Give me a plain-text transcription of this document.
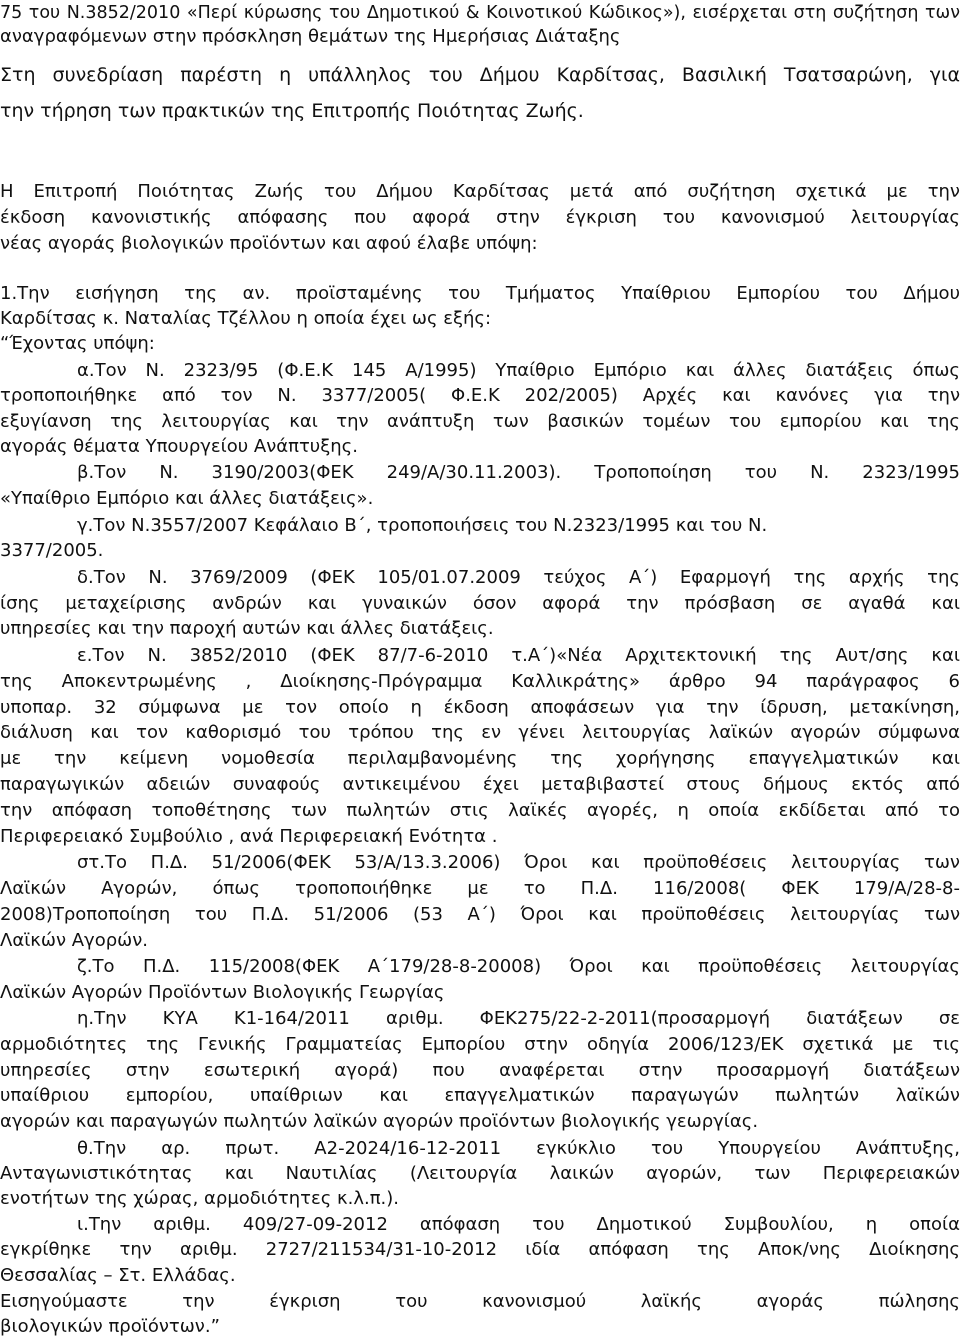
75 του Ν.3852/2010 «Περί κύρωσης του Δημοτικού & Κοινοτικού Κώδικος»), εισέρχεται στη συζήτηση των

αναγραφόμενων στην πρόσκληση θεμάτων της Ημερήσιας Διάταξης

Στη συνεδρίαση παρέστη η υπάλληλος του Δήμου Καρδίτσας, Βασιλική Τσατσαρώνη, για

την τήρηση των πρακτικών της Επιτροπής Ποιότητας Ζωής.

Η Επιτροπή Ποιότητας Ζωής του Δήμου Καρδίτσας μετά από συζήτηση σχετικά με την

έκδοση κανονιστικής απόφασης που αφορά στην έγκριση του κανονισμού λειτουργίας

νέας αγοράς βιολογικών προϊόντων και αφού έλαβε υπόψη:

1.Την εισήγηση της αν. προϊσταμένης του Τμήματος Υπαίθριου Εμπορίου του Δήμου

Καρδίτσας κ. Ναταλίας Τζέλλου η οποία έχει ως εξής:

“Έχοντας υπόψη:

α.Τον Ν. 2323/95 (Φ.Ε.Κ 145 Α/1995) Υπαίθριο Εμπόριο και άλλες διατάξεις όπως

τροποποιήθηκε από τον Ν. 3377/2005( Φ.Ε.Κ 202/2005) Αρχές και κανόνες για την

εξυγίανση της λειτουργίας και την ανάπτυξη των βασικών τομέων του εμπορίου και της

αγοράς θέματα Υπουργείου Ανάπτυξης.

β.Τον Ν. 3190/2003(ΦΕΚ 249/Α/30.11.2003). Τροποποίηση του Ν. 2323/1995

«Υπαίθριο Εμπόριο και άλλες διατάξεις».

γ.Τον Ν.3557/2007 Κεφάλαιο Β΄, τροποποιήσεις του Ν.2323/1995 και του Ν.

3377/2005.

δ.Τον Ν. 3769/2009 (ΦΕΚ 105/01.07.2009 τεύχος Α΄) Εφαρμογή της αρχής της

ίσης μεταχείρισης ανδρών και γυναικών όσον αφορά την πρόσβαση σε αγαθά και

υπηρεσίες και την παροχή αυτών και άλλες διατάξεις.

ε.Τον Ν. 3852/2010 (ΦΕΚ 87/7-6-2010 τ.Α΄)«Νέα Αρχιτεκτονική της Αυτ/σης και

της Αποκεντρωμένης , Διοίκησης-Πρόγραμμα Καλλικράτης» άρθρο 94 παράγραφος 6

υποπαρ. 32 σύμφωνα με τον οποίο η έκδοση αποφάσεων για την ίδρυση, μετακίνηση,

διάλυση και τον καθορισμό του τρόπου της εν γένει λειτουργίας λαϊκών αγορών σύμφωνα

με την κείμενη νομοθεσία περιλαμβανομένης της χορήγησης επαγγελματικών και

παραγωγικών αδειών συναφούς αντικειμένου έχει μεταβιβαστεί στους δήμους εκτός από

την απόφαση τοποθέτησης των πωλητών στις λαϊκές αγορές, η οποία εκδίδεται από το

Περιφερειακό Συμβούλιο , ανά Περιφερειακή Ενότητα .

στ.Το Π.Δ. 51/2006(ΦΕΚ 53/Α/13.3.2006) Όροι και προϋποθέσεις λειτουργίας των

Λαϊκών Αγορών, όπως τροποποιήθηκε με το Π.Δ. 116/2008( ΦΕΚ 179/Α/28-8-

2008)Τροποποίηση του Π.Δ. 51/2006 (53 Α΄) Όροι και προϋποθέσεις λειτουργίας των

Λαϊκών Αγορών.

ζ.Το Π.Δ. 115/2008(ΦΕΚ Α΄179/28-8-20008) Όροι και προϋποθέσεις λειτουργίας

Λαϊκών Αγορών Προϊόντων Βιολογικής Γεωργίας

η.Την ΚΥΑ Κ1-164/2011 αριθμ. ΦΕΚ275/22-2-2011(προσαρμογή διατάξεων σε

αρμοδιότητες της Γενικής Γραμματείας Εμπορίου στην οδηγία 2006/123/ΕΚ σχετικά με τις

υπηρεσίες στην εσωτερική αγορά) που αναφέρεται στην προσαρμογή διατάξεων

υπαίθριου εμπορίου, υπαίθριων και επαγγελματικών παραγωγών πωλητών λαϊκών

αγορών και παραγωγών πωλητών λαϊκών αγορών προϊόντων βιολογικής γεωργίας.

θ.Την αρ. πρωτ. Α2-2024/16-12-2011 εγκύκλιο του Υπουργείου Ανάπτυξης,

Ανταγωνιστικότητας και Ναυτιλίας (Λειτουργία λαικών αγορών, των Περιφερειακών

ενοτήτων της χώρας, αρμοδιότητες κ.λ.π.).

ι.Την αριθμ. 409/27-09-2012 απόφαση του Δημοτικού Συμβουλίου, η οποία

εγκρίθηκε την αριθμ. 2727/211534/31-10-2012 ιδία απόφαση της Αποκ/νης Διοίκησης

Θεσσαλίας – Στ. Ελλάδας.

Εισηγούμαστε την έγκριση του κανονισμού λαϊκής αγοράς πώλησης

βιολογικών προϊόντων.”
